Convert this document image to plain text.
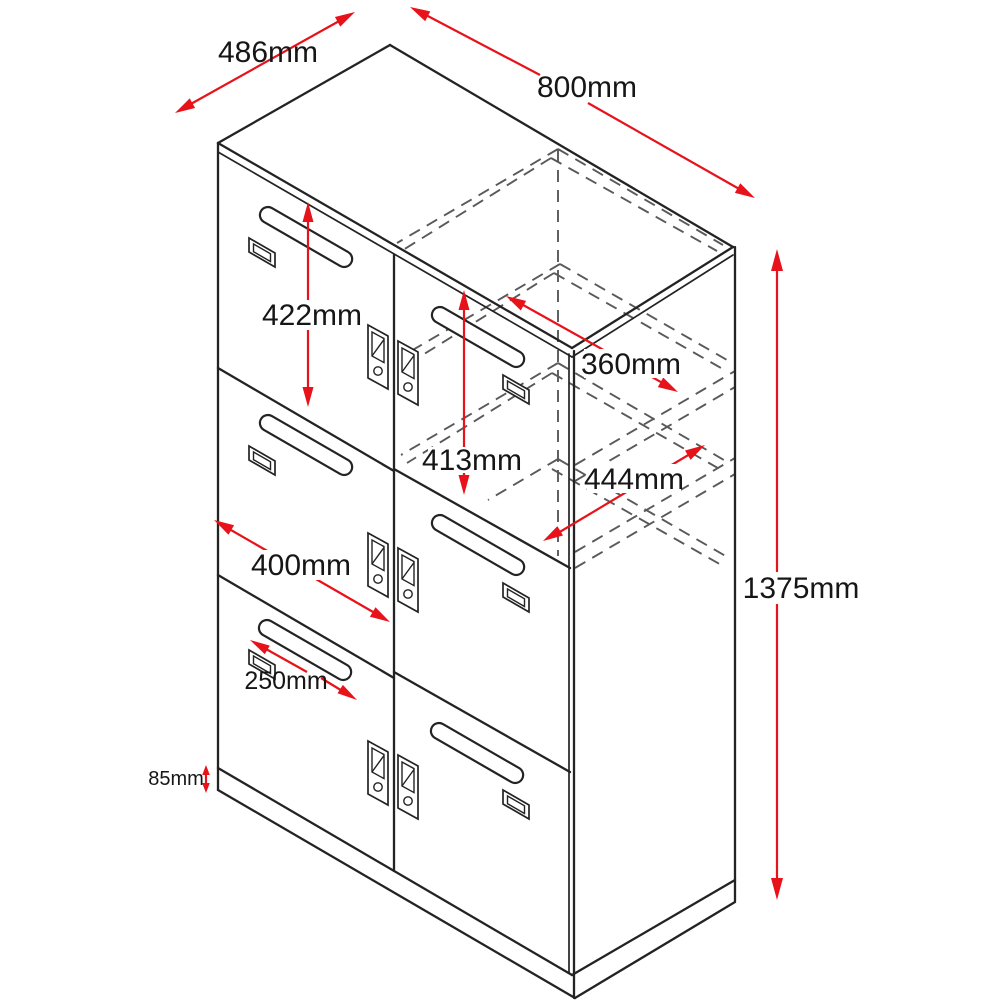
486mm
800mm
422mm
360mm
413mm
444mm
400mm
250mm
85mm
1375mm
